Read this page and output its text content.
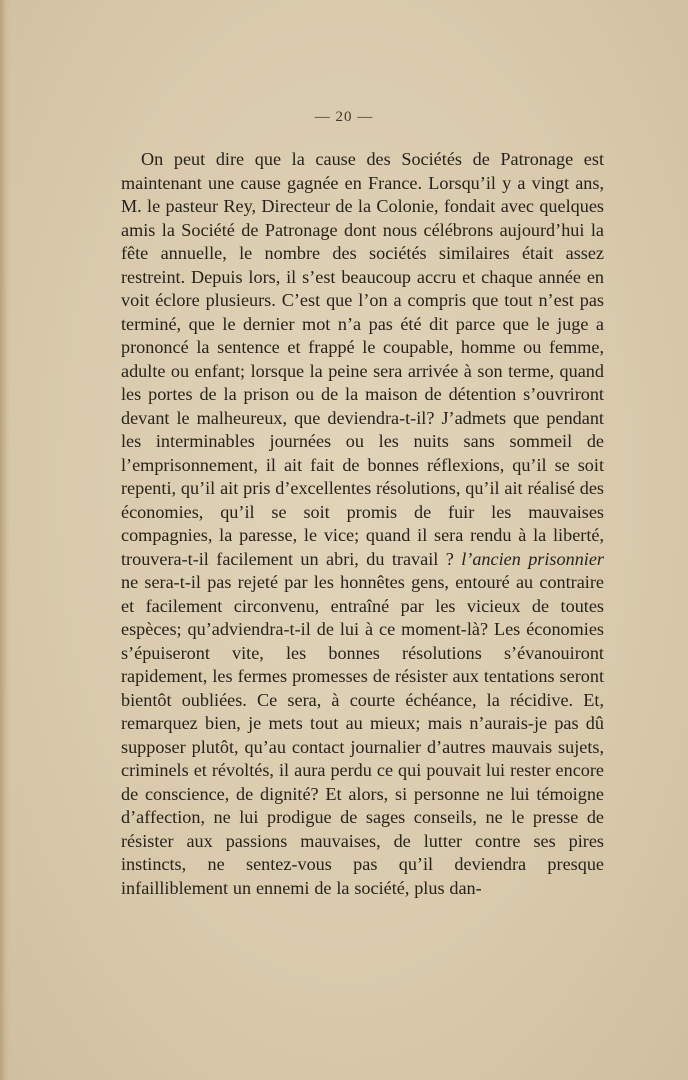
— 20 —

On peut dire que la cause des Sociétés de Patronage est maintenant une cause gagnée en France. Lorsqu’il y a vingt ans, M. le pasteur Rey, Directeur de la Colonie, fondait avec quelques amis la Société de Patronage dont nous célébrons aujourd’hui la fête annuelle, le nombre des sociétés similaires était assez restreint. Depuis lors, il s’est beaucoup accru et chaque année en voit éclore plusieurs. C’est que l’on a compris que tout n’est pas terminé, que le dernier mot n’a pas été dit parce que le juge a prononcé la sentence et frappé le coupable, homme ou femme, adulte ou enfant; lorsque la peine sera arrivée à son terme, quand les portes de la prison ou de la maison de détention s’ouvriront devant le malheureux, que deviendra-t-il? J’admets que pendant les interminables journées ou les nuits sans sommeil de l’emprisonnement, il ait fait de bonnes réflexions, qu’il se soit repenti, qu’il ait pris d’excellentes résolutions, qu’il ait réalisé des économies, qu’il se soit promis de fuir les mauvaises compagnies, la paresse, le vice; quand il sera rendu à la liberté, trouvera-t-il facilement un abri, du travail ? l’ancien prisonnier ne sera-t-il pas rejeté par les honnêtes gens, entouré au contraire et facilement circonvenu, entraîné par les vicieux de toutes espèces; qu’adviendra-t-il de lui à ce moment-là? Les économies s’épuiseront vite, les bonnes résolutions s’évanouiront rapidement, les fermes promesses de résister aux tentations seront bientôt oubliées. Ce sera, à courte échéance, la récidive. Et, remarquez bien, je mets tout au mieux; mais n’aurais-je pas dû supposer plutôt, qu’au contact journalier d’autres mauvais sujets, criminels et révoltés, il aura perdu ce qui pouvait lui rester encore de conscience, de dignité? Et alors, si personne ne lui témoigne d’affection, ne lui prodigue de sages conseils, ne le presse de résister aux passions mauvaises, de lutter contre ses pires instincts, ne sentez-vous pas qu’il deviendra presque infailliblement un ennemi de la société, plus dan-
